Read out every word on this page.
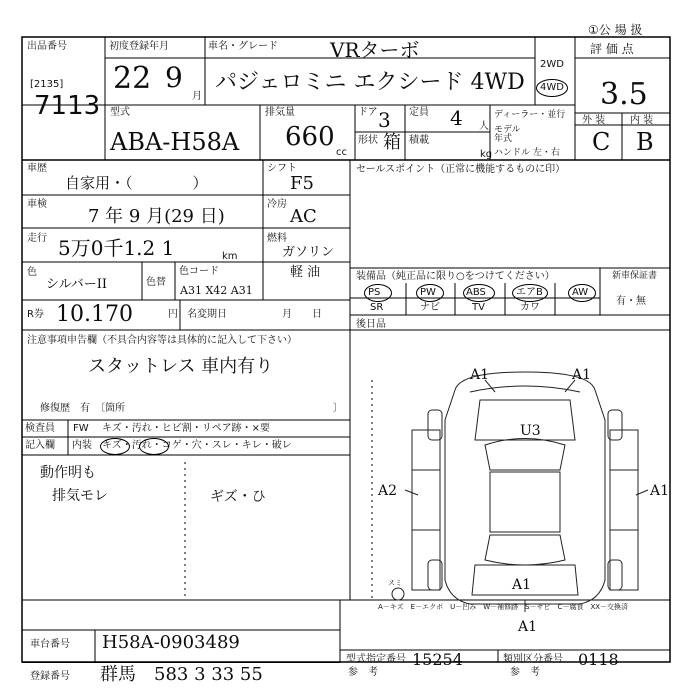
①公 場 扱
出品番号
[2135]
7113
初度登録年月
22 9
月
車名・グレード	VRターボ
パジェロミニ エクシード 4WD
2WD
4WD
評 価 点
3.5
外 装 内 装
C B
型式
ABA-H58A
排気量
660
cc
ドア 3 定員 4 人
形状 箱 積載
kg
ディーラー・並行
モデル年式
ハンドル 左・右
車歴
自家用・（　　　　）
シフト
F5
車検
7 年 9 月(29 日)
冷房
AC
走行 5万0千1.2 1	km
燃料
ガソリン
軽 油
色
シルバーII	色替
色コード
A31 X42 A31
R券 10.170	円 名変期日	月　　日
セールスポイント（正常に機能するものに印）
装備品（純正品に限り○をつけてください）
PS	PW	ABS	エアB	AW
SR	ナビ	TV	カワ
新車保証書
有・無
後日品
注意事項申告欄（不具合内容等は具体的に記入して下さい）
スタットレス 車内有り
修復歴　有　〔箇所	〕
検査員
記入欄
FW キズ・汚れ・ヒビ割・リペア跡・×要
内装 キズ・汚れ・コゲ・穴・スレ・キレ・破レ
動作明も
排気モレ	ギズ・ひ
A1	A1
U3
A2	A1
A1
A1
スミ
A－キズ　E－エクボ　U－凹み　W－補修跡　S－サビ　C－腐食　XX－交換済
車台番号 H58A-0903489
登録番号 群馬　583 3 33 55
型式指定番号 15254
参　考
類別区分番号 0118
参　考
